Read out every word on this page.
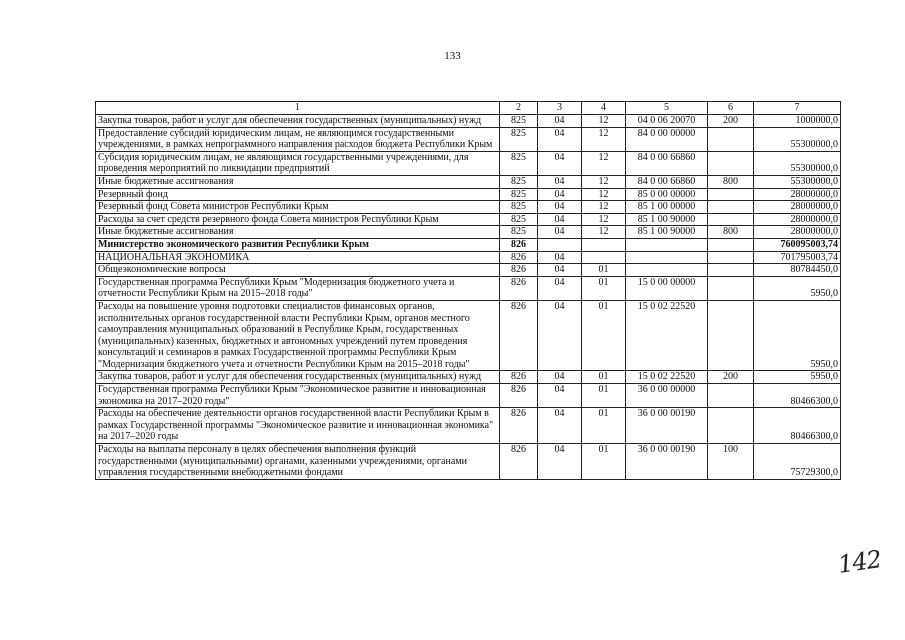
133
1	2	3	4	5	6	7
Закупка товаров, работ и услуг для обеспечения государственных (муниципальных) нужд	825	04	12	04 0 06 20070	200	1000000,0
Предоставление субсидий юридическим лицам, не являющимся государственными учреждениями, в рамках непрограммного направления расходов бюджета Республики Крым	825	04	12	84 0 00 00000		55300000,0
Субсидия юридическим лицам, не являющимся государственными учреждениями, для проведения мероприятий по ликвидации предприятий	825	04	12	84 0 00 66860		55300000,0
Иные бюджетные ассигнования	825	04	12	84 0 00 66860	800	55300000,0
Резервный фонд	825	04	12	85 0 00 00000		28000000,0
Резервный фонд Совета министров Республики Крым	825	04	12	85 1 00 00000		28000000,0
Расходы за счет средств резервного фонда Совета министров Республики Крым	825	04	12	85 1 00 90000		28000000,0
Иные бюджетные ассигнования	825	04	12	85 1 00 90000	800	28000000,0
Министерство экономического развития Республики Крым	826					760095003,74
НАЦИОНАЛЬНАЯ ЭКОНОМИКА	826	04				701795003,74
Общеэкономические вопросы	826	04	01			80784450,0
Государственная программа Республики Крым "Модернизация бюджетного учета и отчетности Республики Крым на 2015–2018 годы"	826	04	01	15 0 00 00000		5950,0
Расходы на повышение уровня подготовки специалистов финансовых органов, исполнительных органов государственной власти Республики Крым, органов местного самоуправления муниципальных образований в Республике Крым, государственных (муниципальных) казенных, бюджетных и автономных учреждений путем проведения консультаций и семинаров в рамках Государственной программы Республики Крым "Модернизация бюджетного учета и отчетности Республики Крым на 2015–2018 годы"	826	04	01	15 0 02 22520		5950,0
Закупка товаров, работ и услуг для обеспечения государственных (муниципальных) нужд	826	04	01	15 0 02 22520	200	5950,0
Государственная программа Республики Крым "Экономическое развитие и инновационная экономика на 2017–2020 годы"	826	04	01	36 0 00 00000		80466300,0
Расходы на обеспечение деятельности органов государственной власти Республики Крым в рамках Государственной программы "Экономическое развитие и инновационная экономика" на 2017–2020 годы	826	04	01	36 0 00 00190		80466300,0
Расходы на выплаты персоналу в целях обеспечения выполнения функций государственными (муниципальными) органами, казенными учреждениями, органами управления государственными внебюджетными фондами	826	04	01	36 0 00 00190	100	75729300,0
142
